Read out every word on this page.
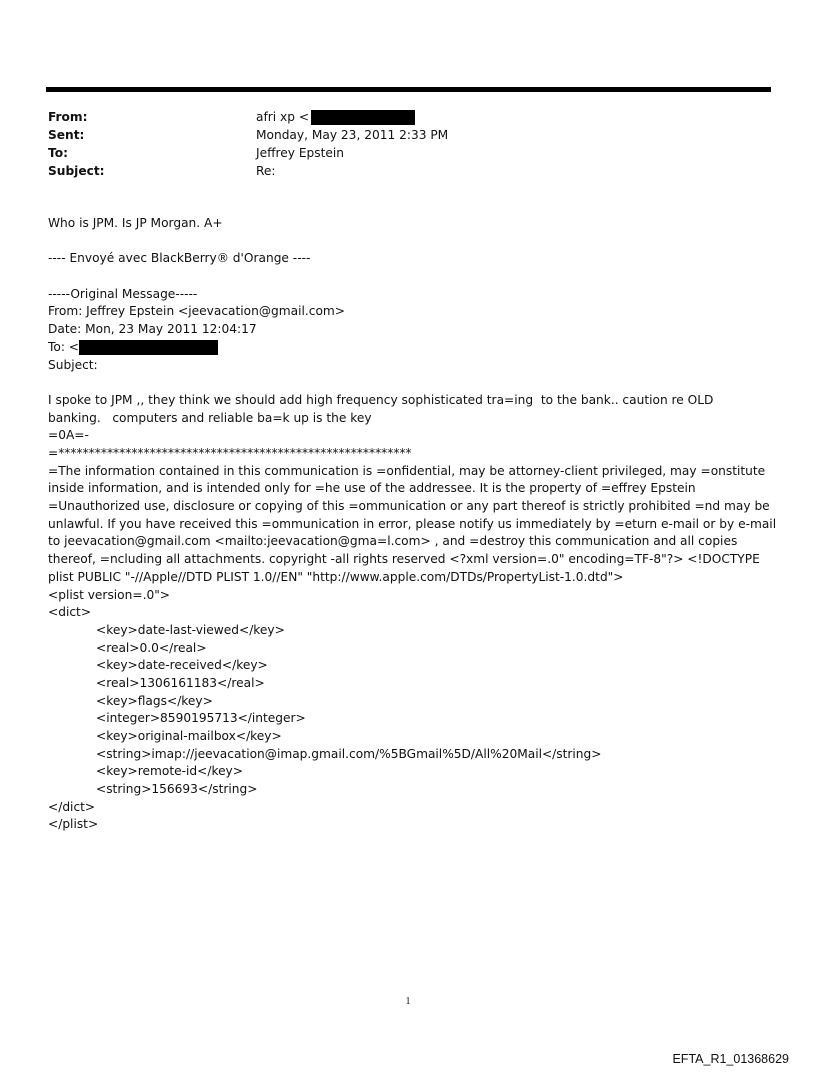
From:	afri xp <
Sent:	Monday, May 23, 2011 2:33 PM
To:	Jeffrey Epstein
Subject:	Re:
Who is JPM. Is JP Morgan. A+
---- Envoyé avec BlackBerry® d'Orange ----
-----Original Message-----
From: Jeffrey Epstein <jeevacation@gmail.com>
Date: Mon, 23 May 2011 12:04:17
To: <
Subject:
I spoke to JPM ,, they think we should add high frequency sophisticated tra=ing  to the bank.. caution re OLD
banking.   computers and reliable ba=k up is the key
=0A=-
=**********************************************************
=The information contained in this communication is =onfidential, may be attorney-client privileged, may =onstitute inside information, and is intended only for =he use of the addressee. It is the property of =effrey Epstein =Unauthorized use, disclosure or copying of this =ommunication or any part thereof is strictly prohibited =nd may be unlawful. If you have received this =ommunication in error, please notify us immediately by =eturn e-mail or by e-mail to jeevacation@gmail.com <mailto:jeevacation@gma=l.com> , and =destroy this communication and all copies thereof, =ncluding all attachments. copyright -all rights reserved <?xml version=.0" encoding=TF-8"?> <!DOCTYPE plist PUBLIC "-//Apple//DTD PLIST 1.0//EN" "http://www.apple.com/DTDs/PropertyList-1.0.dtd">
<plist version=.0">
<dict>
<key>date-last-viewed</key>
<real>0.0</real>
<key>date-received</key>
<real>1306161183</real>
<key>flags</key>
<integer>8590195713</integer>
<key>original-mailbox</key>
<string>imap://jeevacation@imap.gmail.com/%5BGmail%5D/All%20Mail</string>
<key>remote-id</key>
<string>156693</string>
</dict>
</plist>
1
EFTA_R1_01368629
